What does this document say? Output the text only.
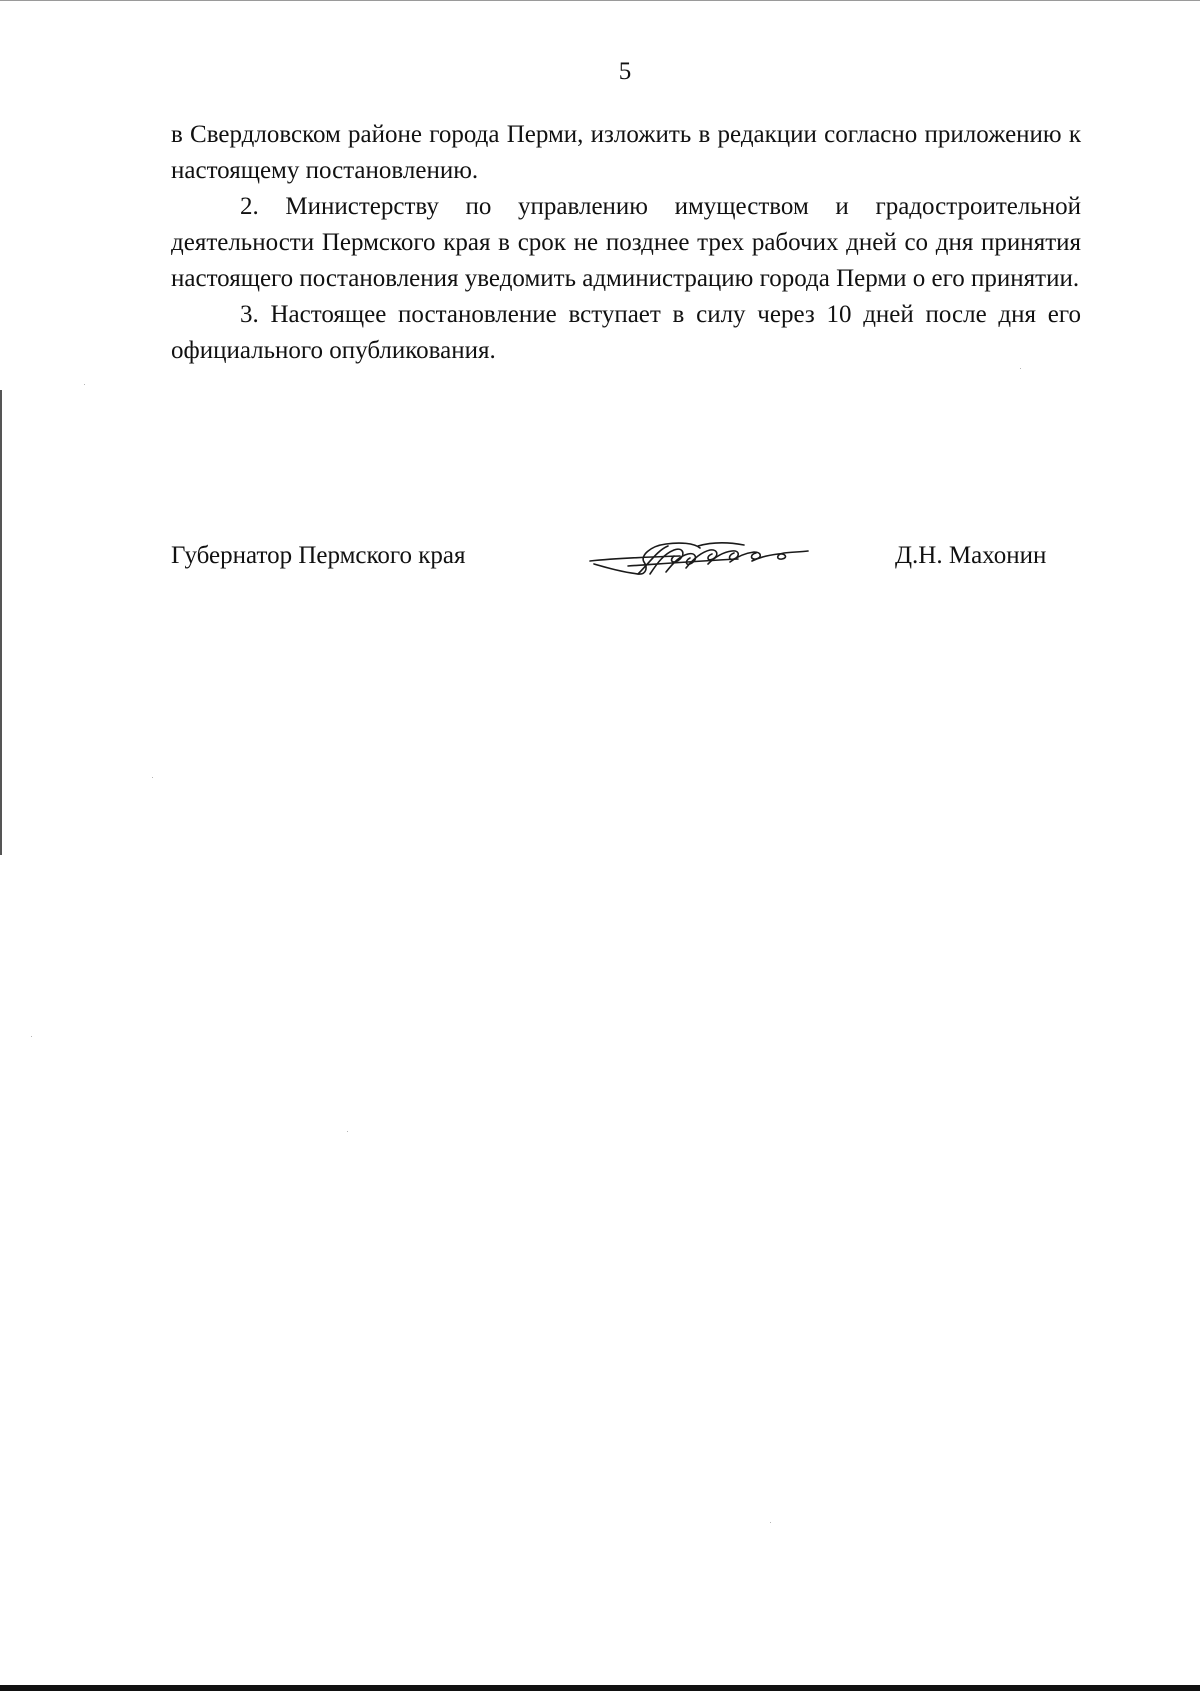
5

в Свердловском районе города Перми, изложить в редакции согласно приложению к настоящему постановлению.

2. Министерству по управлению имуществом и градостроительной деятельности Пермского края в срок не позднее трех рабочих дней со дня принятия настоящего постановления уведомить администрацию города Перми о его принятии.

3. Настоящее постановление вступает в силу через 10 дней после дня его официального опубликования.

Губернатор Пермского края	Д.Н. Махонин
